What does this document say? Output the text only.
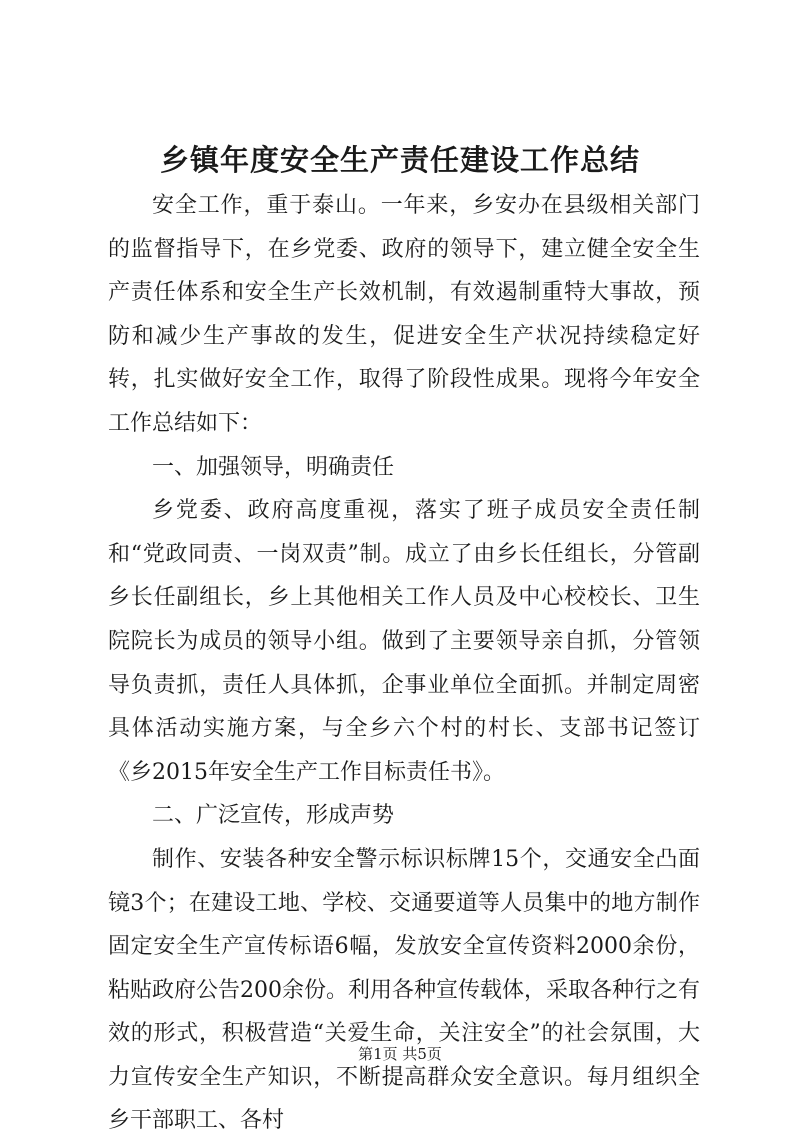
乡镇年度安全生产责任建设工作总结

安全工作，重于泰山。一年来，乡安办在县级相关部门的监督指导下，在乡党委、政府的领导下，建立健全安全生产责任体系和安全生产长效机制，有效遏制重特大事故，预防和减少生产事故的发生，促进安全生产状况持续稳定好转，扎实做好安全工作，取得了阶段性成果。现将今年安全工作总结如下：

一、加强领导，明确责任

乡党委、政府高度重视，落实了班子成员安全责任制和“党政同责、一岗双责”制。成立了由乡长任组长，分管副乡长任副组长，乡上其他相关工作人员及中心校校长、卫生院院长为成员的领导小组。做到了主要领导亲自抓，分管领导负责抓，责任人具体抓，企事业单位全面抓。并制定周密具体活动实施方案，与全乡六个村的村长、支部书记签订《乡2015年安全生产工作目标责任书》。

二、广泛宣传，形成声势

制作、安装各种安全警示标识标牌15个，交通安全凸面镜3个；在建设工地、学校、交通要道等人员集中的地方制作固定安全生产宣传标语6幅，发放安全宣传资料2000余份，粘贴政府公告200余份。利用各种宣传载体，采取各种行之有效的形式，积极营造“关爱生命，关注安全”的社会氛围，大力宣传安全生产知识，不断提高群众安全意识。每月组织全乡干部职工、各村

第1页 共5页
